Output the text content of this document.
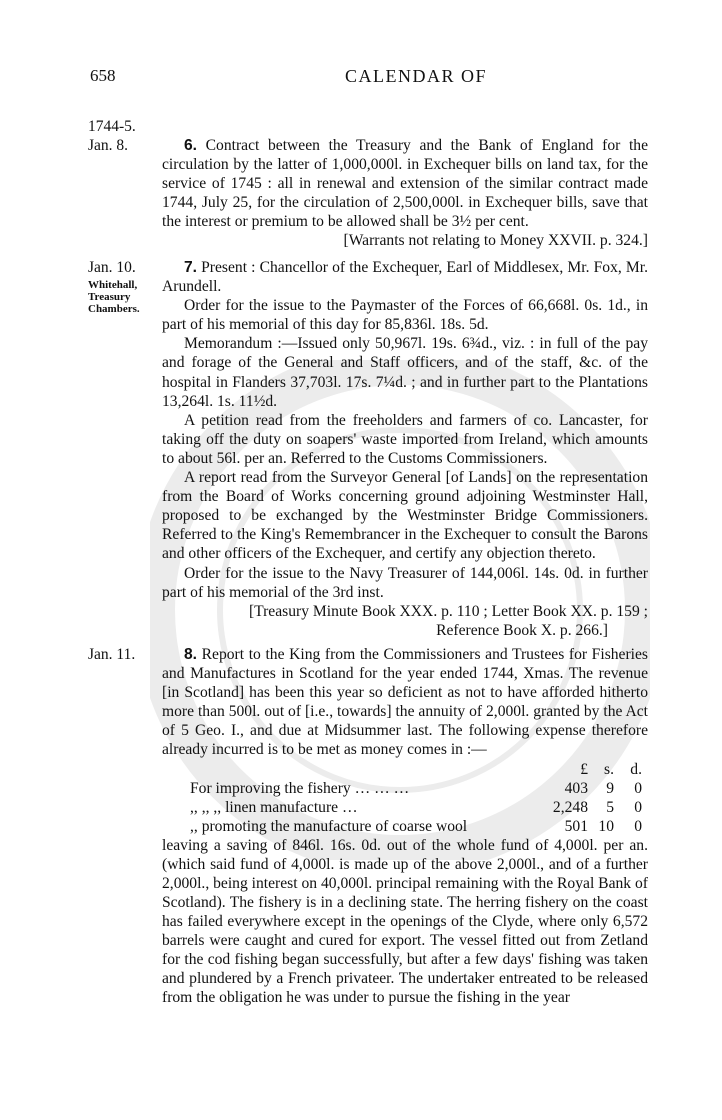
658	CALENDAR OF
1744-5.
Jan. 8.	6. Contract between the Treasury and the Bank of England for the circulation by the latter of 1,000,000l. in Exchequer bills on land tax, for the service of 1745 : all in renewal and extension of the similar contract made 1744, July 25, for the circulation of 2,500,000l. in Exchequer bills, save that the interest or premium to be allowed shall be 3½ per cent.

[Warrants not relating to Money XXVII. p. 324.]

Jan. 10.
Whitehall, Treasury Chambers.

7. Present : Chancellor of the Exchequer, Earl of Middlesex, Mr. Fox, Mr. Arundell.

Order for the issue to the Paymaster of the Forces of 66,668l. 0s. 1d., in part of his memorial of this day for 85,836l. 18s. 5d.

Memorandum :—Issued only 50,967l. 19s. 6¾d., viz. : in full of the pay and forage of the General and Staff officers, and of the staff, &c. of the hospital in Flanders 37,703l. 17s. 7¼d. ; and in further part to the Plantations 13,264l. 1s. 11½d.

A petition read from the freeholders and farmers of co. Lancaster, for taking off the duty on soapers' waste imported from Ireland, which amounts to about 56l. per an. Referred to the Customs Commissioners.

A report read from the Surveyor General [of Lands] on the representation from the Board of Works concerning ground adjoining Westminster Hall, proposed to be exchanged by the Westminster Bridge Commissioners. Referred to the King's Remembrancer in the Exchequer to consult the Barons and other officers of the Exchequer, and certify any objection thereto.

Order for the issue to the Navy Treasurer of 144,006l. 14s. 0d. in further part of his memorial of the 3rd inst.

[Treasury Minute Book XXX. p. 110 ; Letter Book XX. p. 159 ;

Reference Book X. p. 266.]

Jan. 11.	8. Report to the King from the Commissioners and Trustees for Fisheries and Manufactures in Scotland for the year ended 1744, Xmas. The revenue [in Scotland] has been this year so deficient as not to have afforded hitherto more than 500l. out of [i.e., towards] the annuity of 2,000l. granted by the Act of 5 Geo. I., and due at Midsummer last. The following expense therefore already incurred is to be met as money comes in :—

£	s.	d.
For improving the fishery … … …	403	9	0
,, ,, ,, linen manufacture …	2,248	5	0
,, promoting the manufacture of coarse wool	501 10	0

leaving a saving of 846l. 16s. 0d. out of the whole fund of 4,000l. per an. (which said fund of 4,000l. is made up of the above 2,000l., and of a further 2,000l., being interest on 40,000l. principal remaining with the Royal Bank of Scotland). The fishery is in a declining state. The herring fishery on the coast has failed everywhere except in the openings of the Clyde, where only 6,572 barrels were caught and cured for export. The vessel fitted out from Zetland for the cod fishing began successfully, but after a few days' fishing was taken and plundered by a French privateer. The undertaker entreated to be released from the obligation he was under to pursue the fishing in the year
